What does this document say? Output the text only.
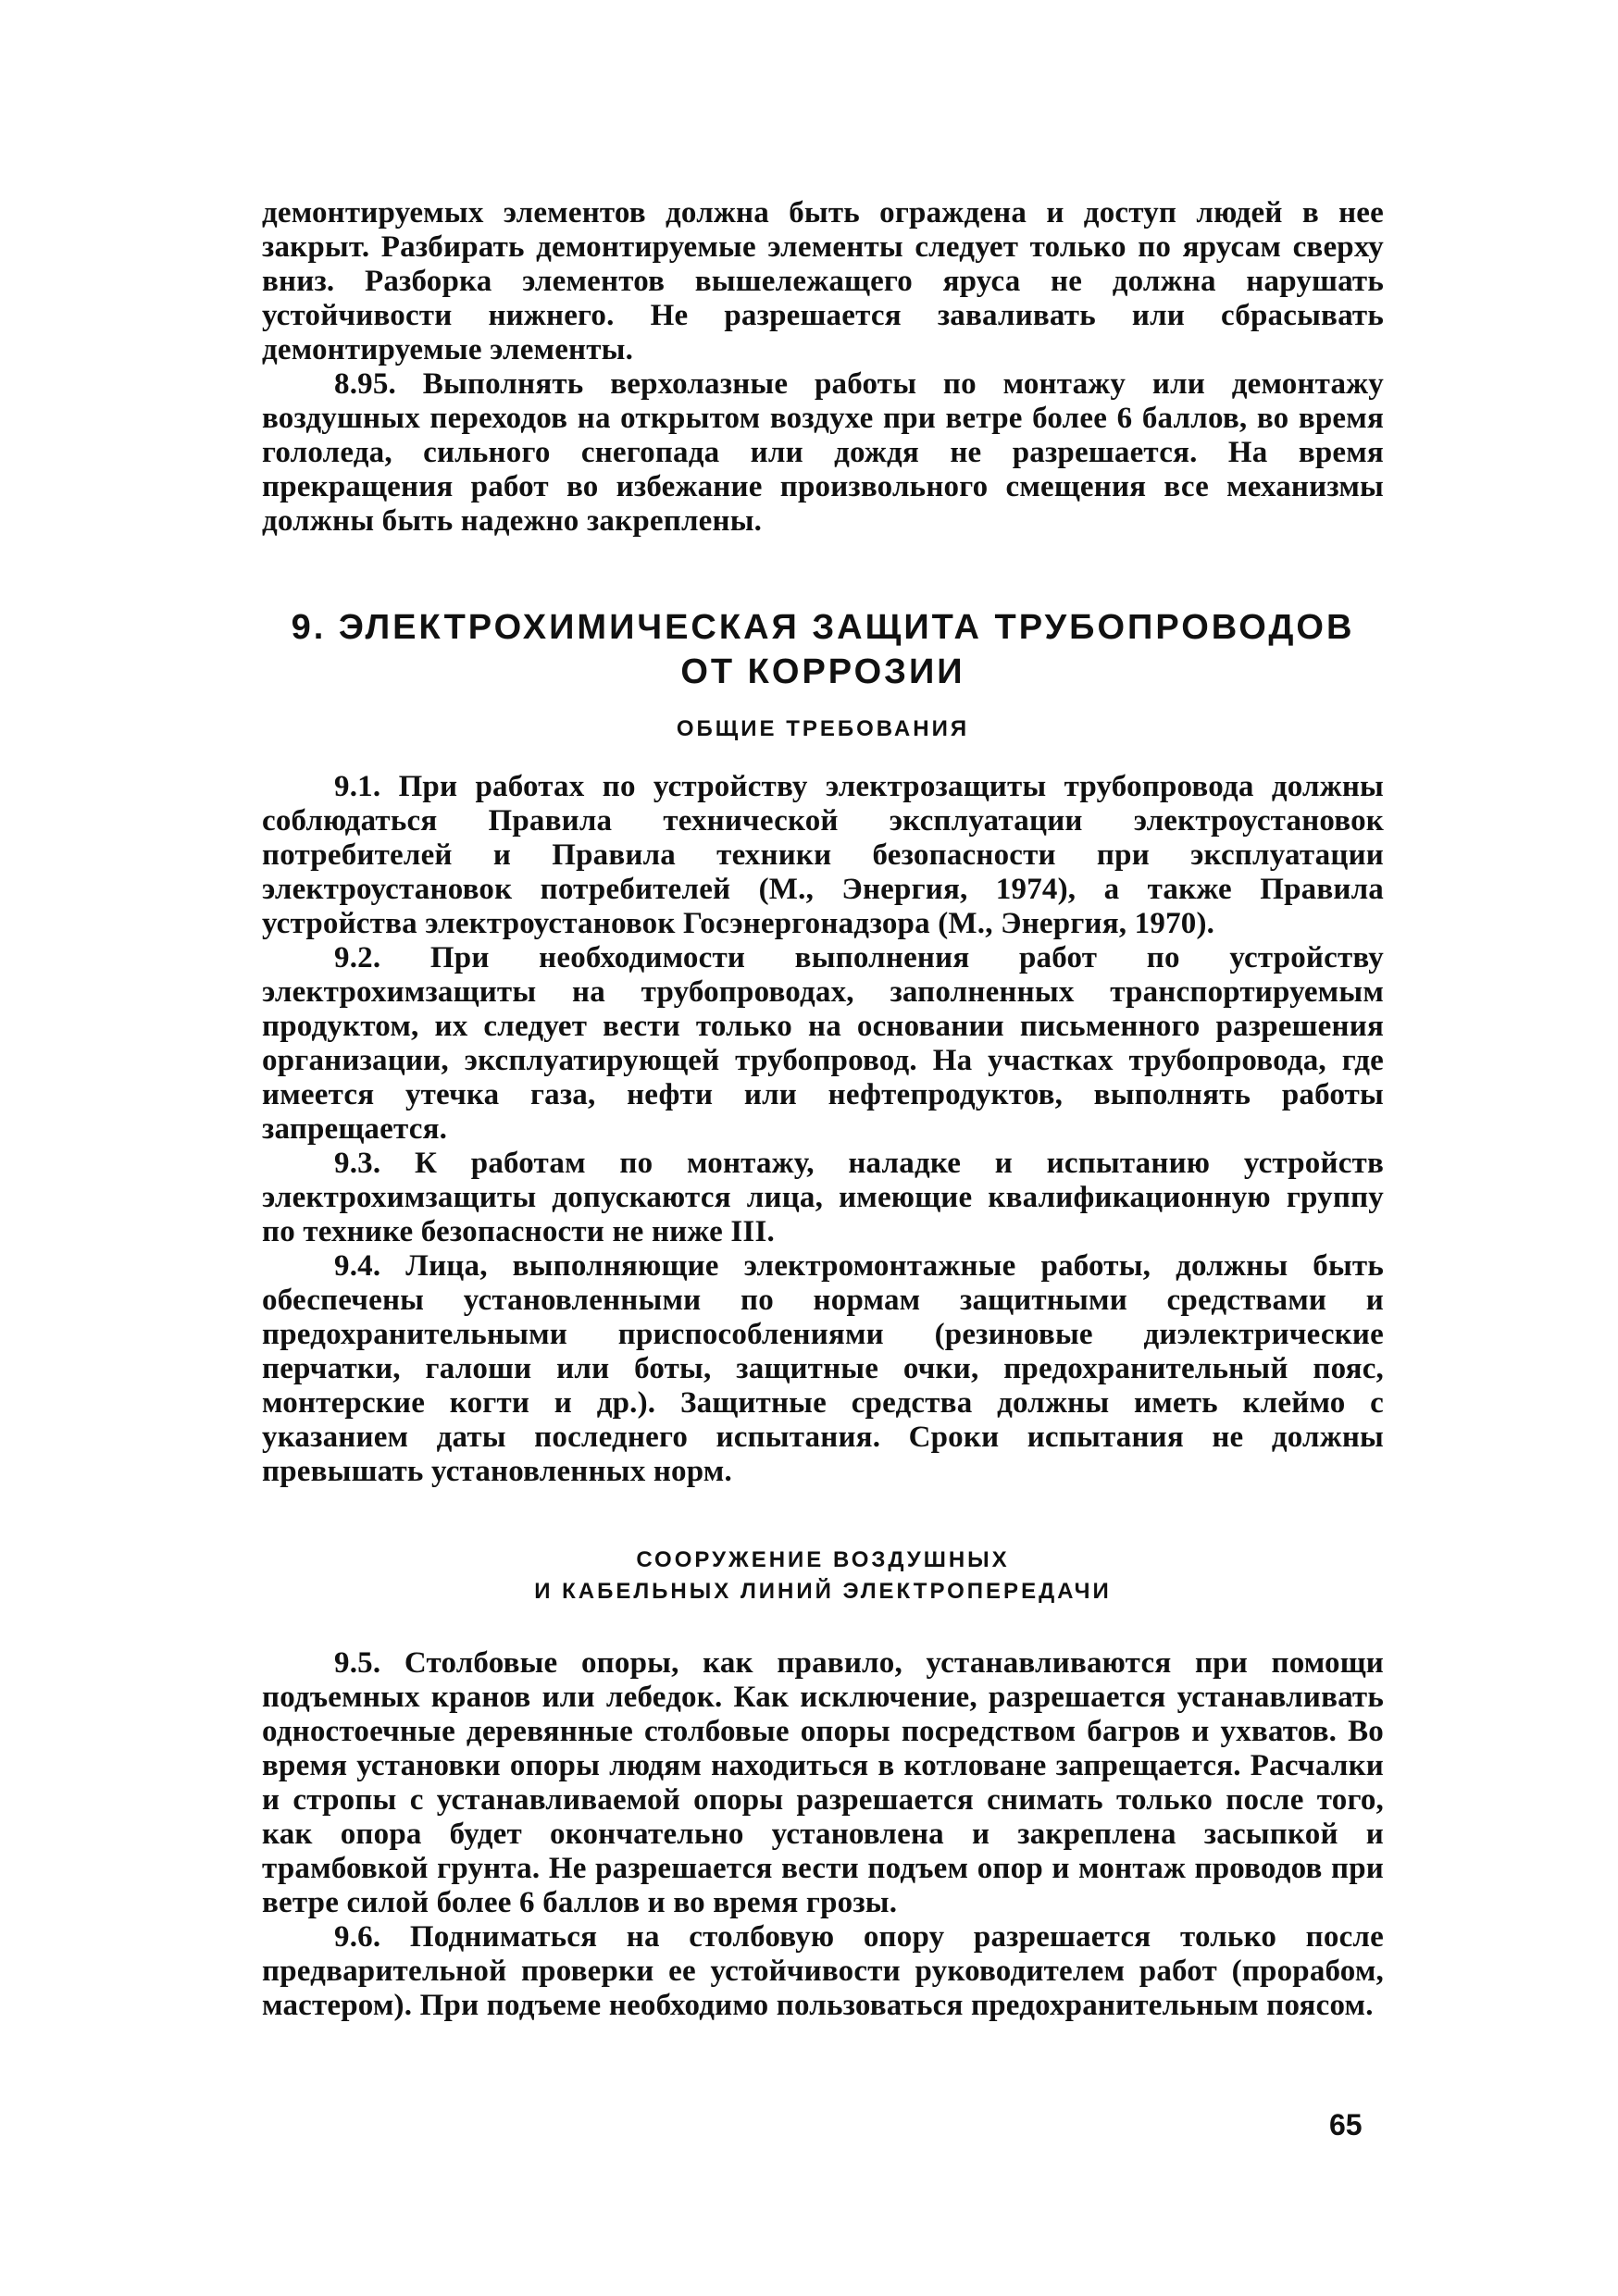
демонтируемых элементов должна быть ограждена и доступ людей в нее закрыт. Разбирать демонтируемые элементы следует только по ярусам сверху вниз. Разборка элементов вышележащего яруса не должна нарушать устойчивости нижнего. Не разрешается заваливать или сбрасывать демонтируемые элементы.

8.95. Выполнять верхолазные работы по монтажу или демонтажу воздушных переходов на открытом воздухе при ветре более 6 баллов, во время гололеда, сильного снегопада или дождя не разрешается. На время прекращения работ во избежание произвольного смещения все механизмы должны быть надежно закреплены.

9. ЭЛЕКТРОХИМИЧЕСКАЯ ЗАЩИТА ТРУБОПРОВОДОВ
ОТ КОРРОЗИИ
ОБЩИЕ ТРЕБОВАНИЯ

9.1. При работах по устройству электрозащиты трубопровода должны соблюдаться Правила технической эксплуатации электроустановок потребителей и Правила техники безопасности при эксплуатации электроустановок потребителей (М., Энергия, 1974), а также Правила устройства электроустановок Госэнергонадзора (М., Энергия, 1970).

9.2. При необходимости выполнения работ по устройству электрохимзащиты на трубопроводах, заполненных транспортируемым продуктом, их следует вести только на основании письменного разрешения организации, эксплуатирующей трубопровод. На участках трубопровода, где имеется утечка газа, нефти или нефтепродуктов, выполнять работы запрещается.

9.3. К работам по монтажу, наладке и испытанию устройств электрохимзащиты допускаются лица, имеющие квалификационную группу по технике безопасности не ниже III.

9.4. Лица, выполняющие электромонтажные работы, должны быть обеспечены установленными по нормам защитными средствами и предохранительными приспособлениями (резиновые диэлектрические перчатки, галоши или боты, защитные очки, предохранительный пояс, монтерские когти и др.). Защитные средства должны иметь клеймо с указанием даты последнего испытания. Сроки испытания не должны превышать установленных норм.

СООРУЖЕНИЕ ВОЗДУШНЫХ
И КАБЕЛЬНЫХ ЛИНИЙ ЭЛЕКТРОПЕРЕДАЧИ

9.5. Столбовые опоры, как правило, устанавливаются при помощи подъемных кранов или лебедок. Как исключение, разрешается устанавливать одностоечные деревянные столбовые опоры посредством багров и ухватов. Во время установки опоры людям находиться в котловане запрещается. Расчалки и стропы с устанавливаемой опоры разрешается снимать только после того, как опора будет окончательно установлена и закреплена засыпкой и трамбовкой грунта. Не разрешается вести подъем опор и монтаж проводов при ветре силой более 6 баллов и во время грозы.

9.6. Подниматься на столбовую опору разрешается только после предварительной проверки ее устойчивости руководителем работ (прорабом, мастером). При подъеме необходимо пользоваться предохранительным поясом.

65
